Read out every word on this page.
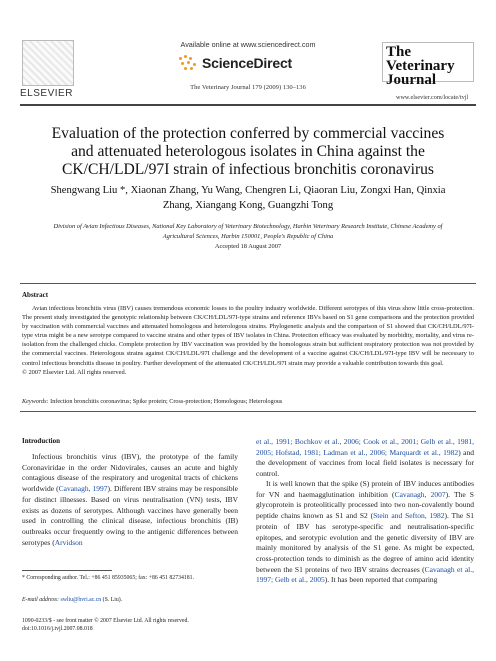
ELSEVIER
Available online at www.sciencedirect.com
ScienceDirect
The Veterinary Journal 179 (2009) 130–136
The Veterinary Journal
www.elsevier.com/locate/tvjl
Evaluation of the protection conferred by commercial vaccines and attenuated heterologous isolates in China against the CK/CH/LDL/97I strain of infectious bronchitis coronavirus
Shengwang Liu *, Xiaonan Zhang, Yu Wang, Chengren Li, Qiaoran Liu, Zongxi Han, Qinxia Zhang, Xiangang Kong, Guangzhi Tong
Division of Avian Infectious Diseases, National Key Laboratory of Veterinary Biotechnology, Harbin Veterinary Research Institute, Chinese Academy of Agricultural Sciences, Harbin 150001, People's Republic of China
Accepted 18 August 2007
Abstract
Avian infectious bronchitis virus (IBV) causes tremendous economic losses to the poultry industry worldwide. Different serotypes of this virus show little cross-protection. The present study investigated the genotypic relationship between CK/CH/LDL/97I-type strains and reference IBVs based on S1 gene comparisons and the protection provided by vaccination with commercial vaccines and attenuated homologous and heterologous strains. Phylogenetic analysis and the comparison of S1 showed that CK/CH/LDL/97I-type virus might be a new serotype compared to vaccine strains and other types of IBV isolates in China. Protection efficacy was evaluated by morbidity, mortality, and virus re-isolation from the challenged chicks. Complete protection by IBV vaccination was provided by the homologous strain but sufficient respiratory protection was not provided by the commercial vaccines. Heterologous strains against CK/CH/LDL/97I challenge and the development of a vaccine against CK/CH/LDL/97I-type IBV will be necessary to control infectious bronchitis disease in poultry. Further development of the attenuated CK/CH/LDL/97I strain may provide a valuable contribution towards this goal.
© 2007 Elsevier Ltd. All rights reserved.
Keywords: Infection bronchitis coronavirus; Spike protein; Cross-protection; Homologous; Heterologous
Introduction
Infectious bronchitis virus (IBV), the prototype of the family Coronaviridae in the order Nidovirales, causes an acute and highly contagious disease of the respiratory and urogenital tracts of chickens worldwide (Cavanagh, 1997). Different IBV strains may be responsible for distinct illnesses. Based on virus neutralisation (VN) tests, IBV exists as dozens of serotypes. Although vaccines have generally been used in controlling the clinical disease, infectious bronchitis (IB) outbreaks occur frequently owing to the antigenic differences between serotypes (Arvidson
et al., 1991; Bochkov et al., 2006; Cook et al., 2001; Gelb et al., 1981, 2005; Hofstad, 1981; Ladman et al., 2006; Marquardt et al., 1982) and the development of vaccines from local field isolates is necessary for control.
It is well known that the spike (S) protein of IBV induces antibodies for VN and haemagglutination inhibition (Cavanagh, 2007). The S glycoprotein is proteolitically processed into two non-covalently bound peptide chains known as S1 and S2 (Stein and Sefton, 1982). The S1 protein of IBV has serotype-specific and neutralisation-specific epitopes, and serotypic evolution and the genetic diversity of IBV are mainly monitored by analysis of the S1 gene. As might be expected, cross-protection tends to diminish as the degree of amino acid identity between the S1 proteins of two IBV strains decreases (Cavanagh et al., 1997; Gelb et al., 2005). It has been reported that comparing
* Corresponding author. Tel.: +86 451 85935065; fax: +86 451 82734181.
E-mail address: swliu@hvri.ac.cn (S. Liu).
1090-0233/$ - see front matter © 2007 Elsevier Ltd. All rights reserved.
doi:10.1016/j.tvjl.2007.08.018
